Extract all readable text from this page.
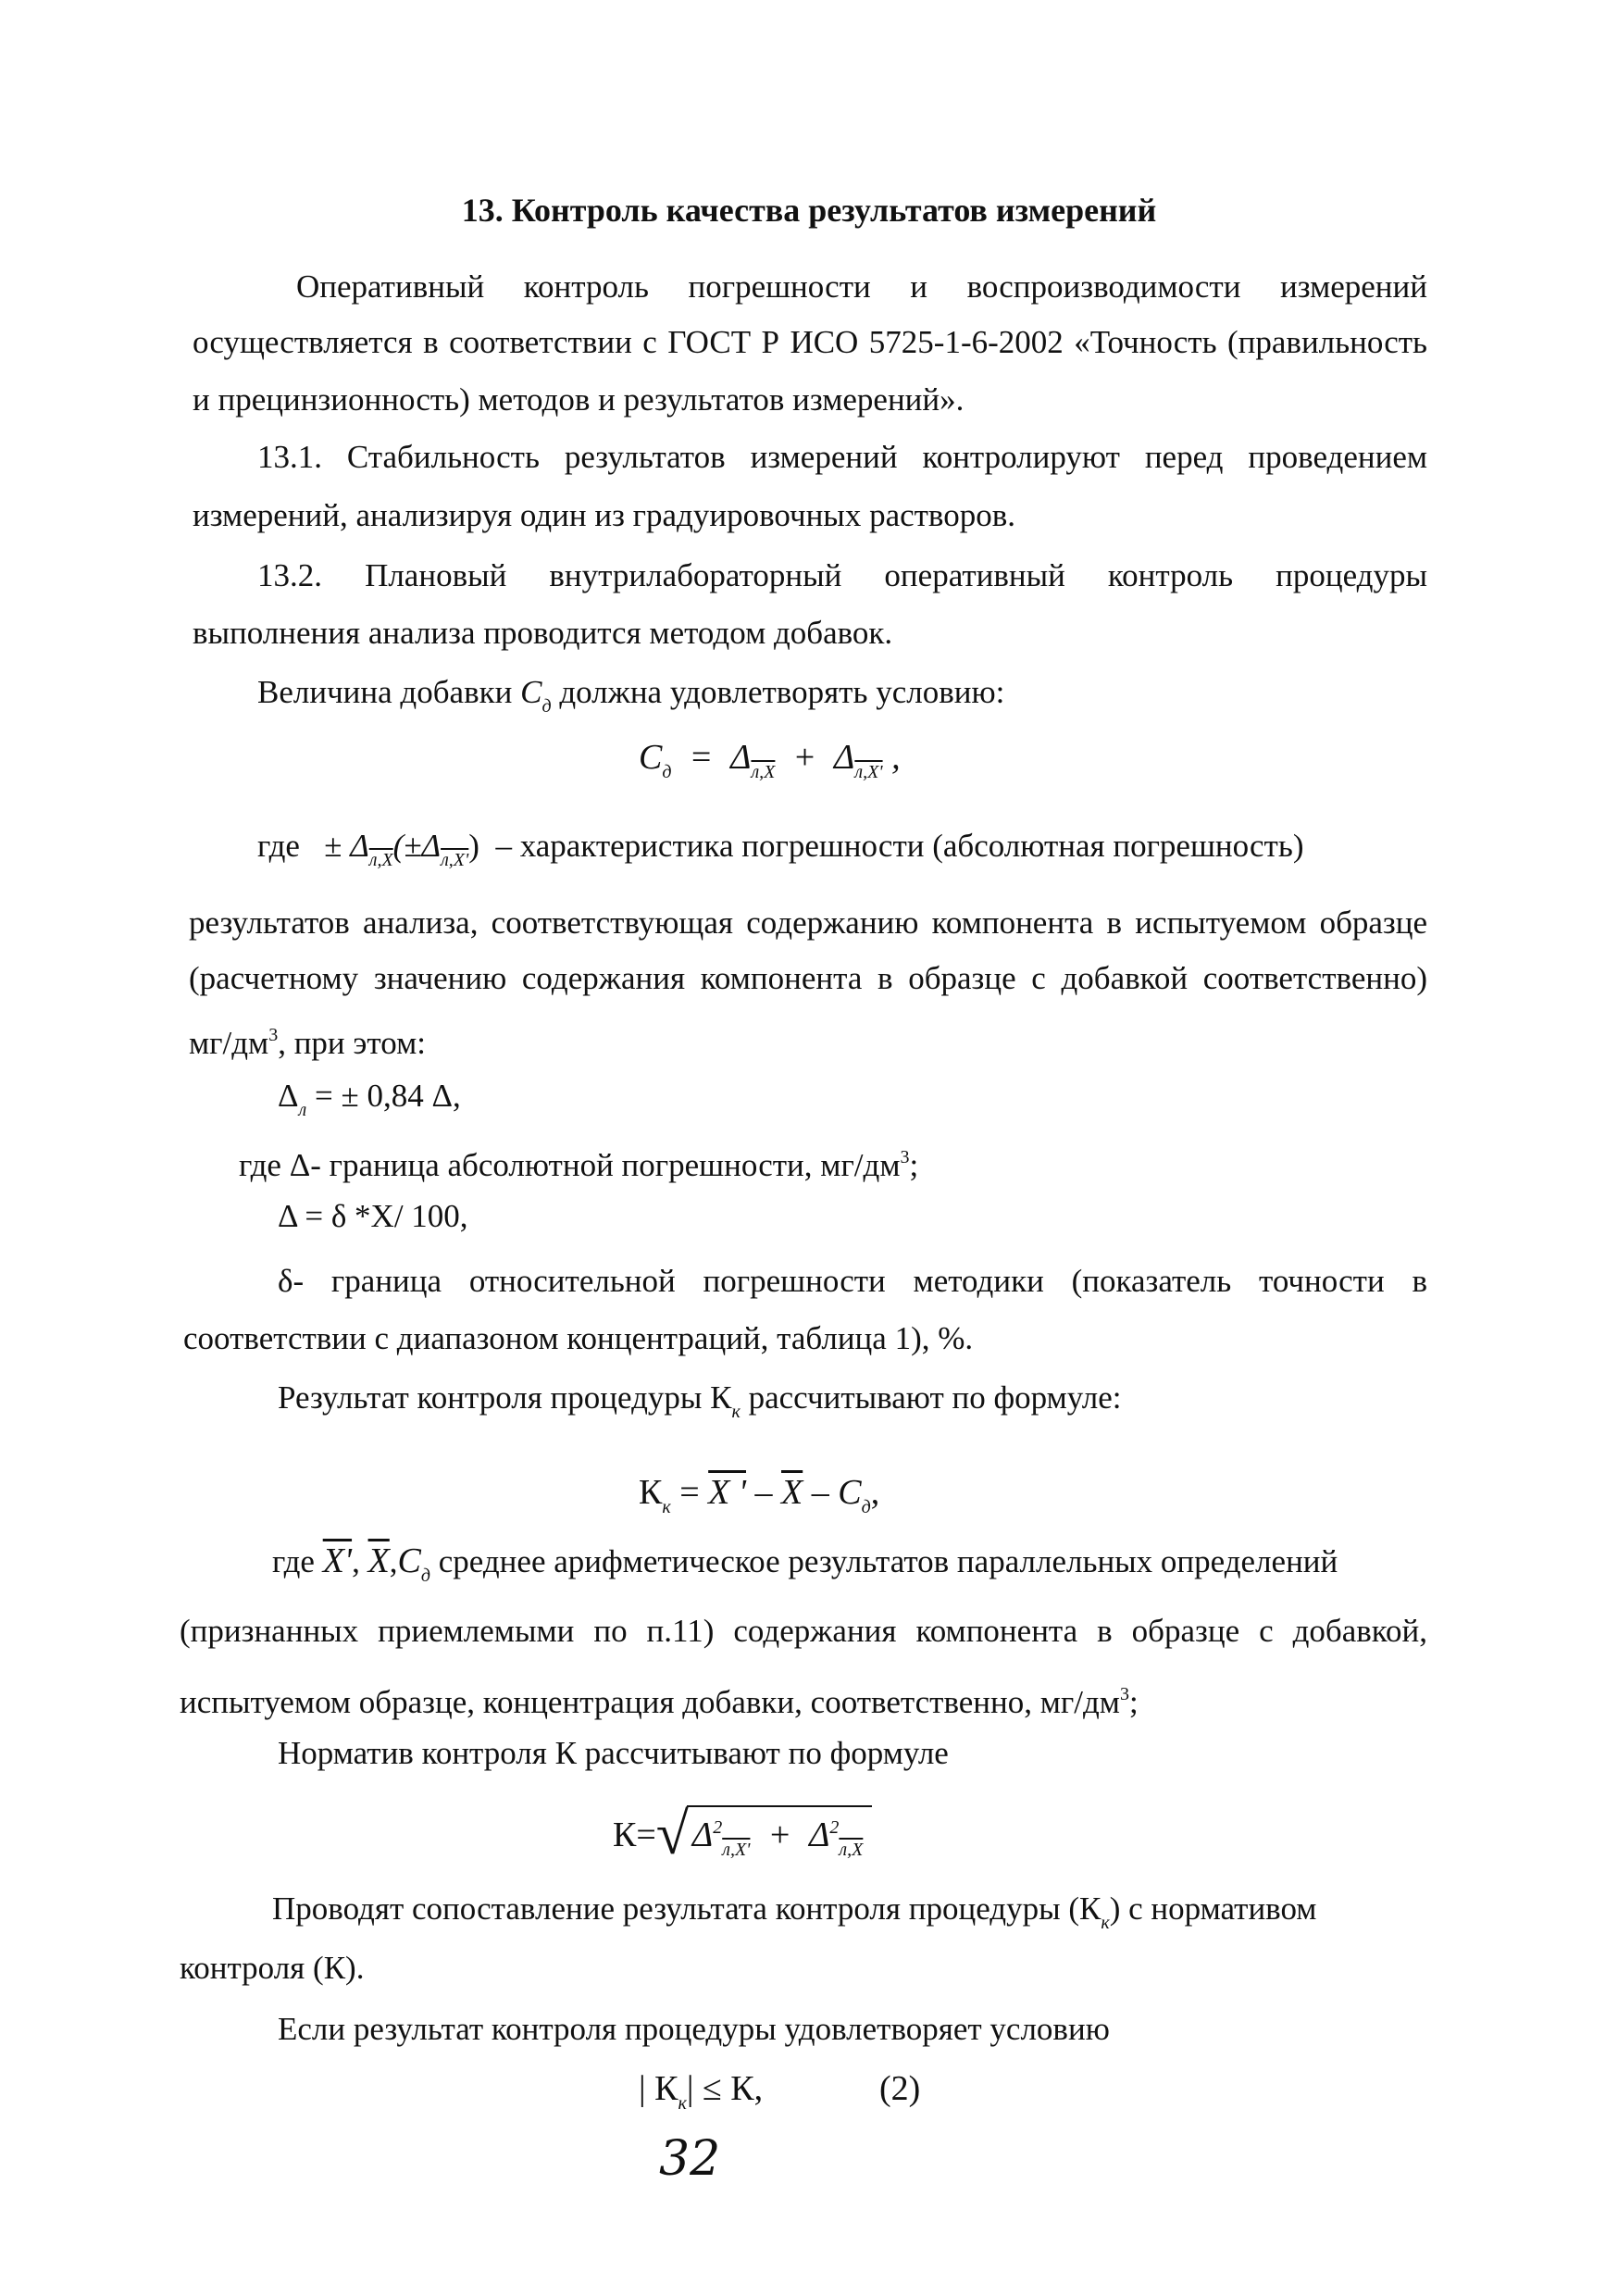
13. Контроль качества результатов измерений
Оперативный контроль погрешности и воспроизводимости измерений
осуществляется в соответствии с ГОСТ Р ИСО 5725-1-6-2002 «Точность (правильность
и прецинзионность) методов и результатов измерений».
13.1. Стабильность результатов измерений контролируют перед проведением
измерений, анализируя один из градуировочных растворов.
13.2. Плановый внутрилабораторный оперативный контроль процедуры
выполнения анализа проводится методом добавок.
Величина добавки $C_д$ должна удовлетворять условию:
$C_д = \Delta_{л,X} + \Delta_{л,X'}$ ,
где ± $\Delta_{л,X}(\pm\Delta_{л,X'})$ – характеристика погрешности (абсолютная погрешность)
результатов анализа, соответствующая содержанию компонента в испытуемом образце
(расчетному значению содержания компонента в образце с добавкой соответственно)
$мг/дм^3$, при этом:
$\Delta_л$ = ± 0,84 Δ,
где Δ- граница абсолютной погрешности, $мг/дм^3$;
Δ = δ *X/ 100,
δ- граница относительной погрешности методики (показатель точности в
соответствии с диапазоном концентраций, таблица 1), %.
Результат контроля процедуры $К_к$ рассчитывают по формуле:
$К_к = X$ ' – $\overline{X} - C_д$,
где X', $\overline{X},C_д$ среднее арифметическое результатов параллельных определений
(признанных приемлемыми по п.11) содержания компонента в образце с добавкой,
испытуемом образце, концентрация добавки, соответственно, $мг/дм^3$;
Норматив контроля К рассчитывают по формуле
К=√ $\Delta^2_{л,X'} + \Delta^2_{л,X}$
Проводят сопоставление результата контроля процедуры $(К_к)$ с нормативом
контроля (К).
Если результат контроля процедуры удовлетворяет условию
| $К_к| \le К$,	(2)
32
